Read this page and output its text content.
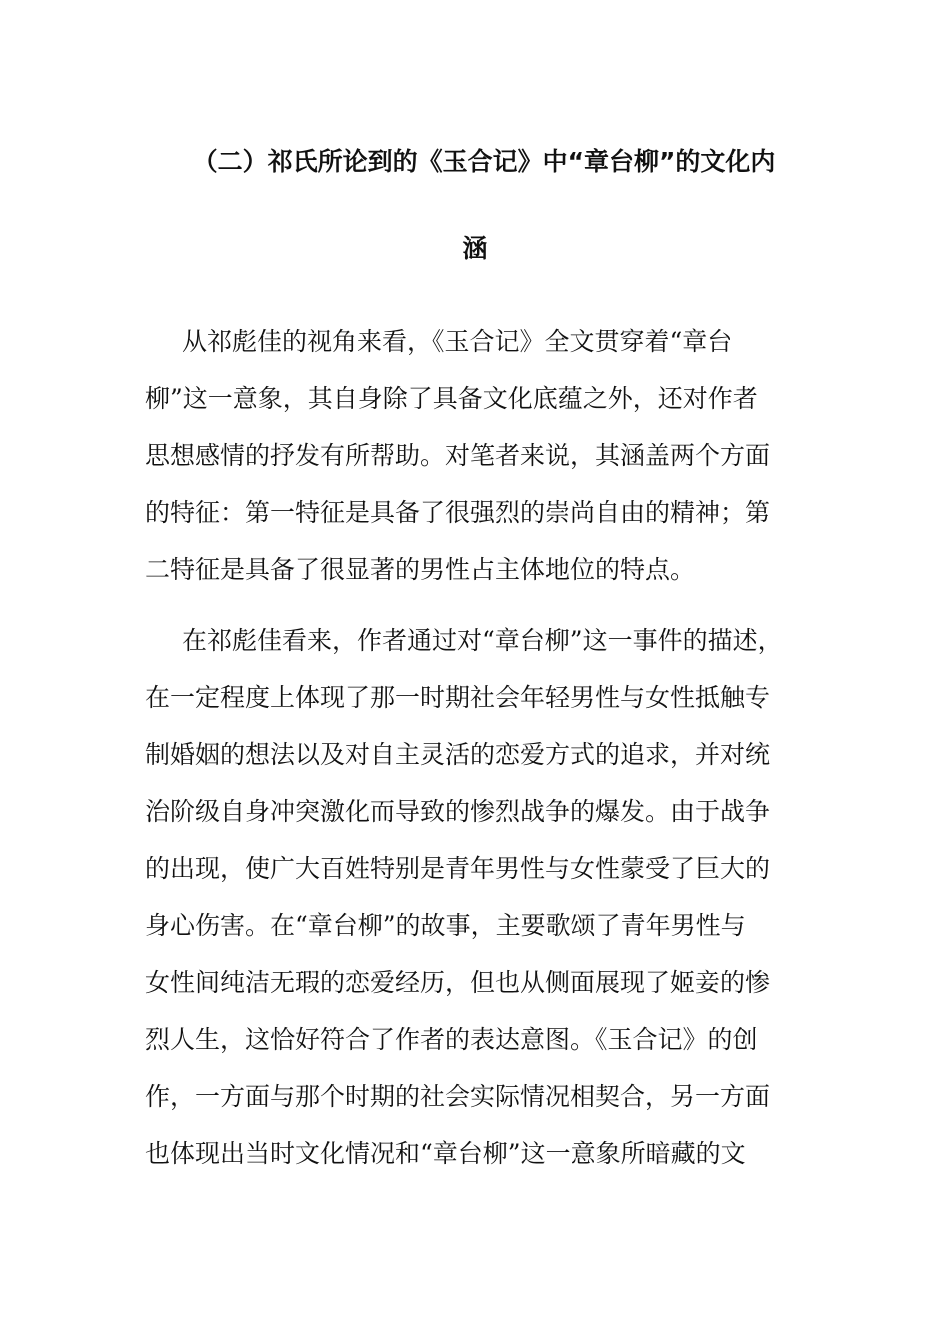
（二）祁氏所论到的《玉合记》中“章台柳”的文化内
涵
从祁彪佳的视角来看，《玉合记》全文贯穿着“章台
柳”这一意象，其自身除了具备文化底蕴之外，还对作者
思想感情的抒发有所帮助。对笔者来说，其涵盖两个方面
的特征：第一特征是具备了很强烈的崇尚自由的精神；第
二特征是具备了很显著的男性占主体地位的特点。
在祁彪佳看来，作者通过对“章台柳”这一事件的描述，
在一定程度上体现了那一时期社会年轻男性与女性抵触专
制婚姻的想法以及对自主灵活的恋爱方式的追求，并对统
治阶级自身冲突激化而导致的惨烈战争的爆发。由于战争
的出现，使广大百姓特别是青年男性与女性蒙受了巨大的
身心伤害。在“章台柳”的故事，主要歌颂了青年男性与
女性间纯洁无瑕的恋爱经历，但也从侧面展现了姬妾的惨
烈人生，这恰好符合了作者的表达意图。《玉合记》的创
作，一方面与那个时期的社会实际情况相契合，另一方面
也体现出当时文化情况和“章台柳”这一意象所暗藏的文
